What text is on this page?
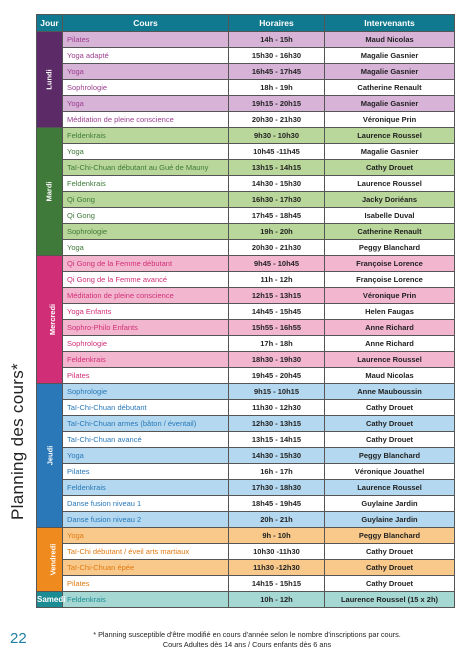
Planning des cours*
Jour	Cours	Horaires	Intervenants
Lundi	Pilates	14h - 15h	Maud Nicolas
	Yoga adapté	15h30 - 16h30	Magalie Gasnier
	Yoga	16h45 - 17h45	Magalie Gasnier
	Sophrologie	18h - 19h	Catherine Renault
	Yoga	19h15 - 20h15	Magalie Gasnier
	Méditation de pleine conscience	20h30 - 21h30	Véronique Prin
Mardi	Feldenkrais	9h30 - 10h30	Laurence Roussel
	Yoga	10h45 -11h45	Magalie Gasnier
	Taï-Chi-Chuan débutant au Gué de Mauny	13h15 - 14h15	Cathy Drouet
	Feldenkrais	14h30 - 15h30	Laurence Roussel
	Qi Gong	16h30 - 17h30	Jacky Doriéans
	Qi Gong	17h45 - 18h45	Isabelle Duval
	Sophrologie	19h - 20h	Catherine Renault
	Yoga	20h30 - 21h30	Peggy Blanchard
Mercredi	Qi Gong de la Femme débutant	9h45 - 10h45	Françoise Lorence
	Qi Gong de la Femme avancé	11h - 12h	Françoise Lorence
	Méditation de pleine conscience	12h15 - 13h15	Véronique Prin
	Yoga Enfants	14h45 - 15h45	Helen Faugas
	Sophro-Philo Enfants	15h55 - 16h55	Anne Richard
	Sophrologie	17h - 18h	Anne Richard
	Feldenkrais	18h30 - 19h30	Laurence Roussel
	Pilates	19h45 - 20h45	Maud Nicolas
Jeudi	Sophrologie	9h15 - 10h15	Anne Mauboussin
	Taï-Chi-Chuan débutant	11h30 - 12h30	Cathy Drouet
	Taï-Chi-Chuan armes (bâton / éventail)	12h30 - 13h15	Cathy Drouet
	Taï-Chi-Chuan avancé	13h15 - 14h15	Cathy Drouet
	Yoga	14h30 - 15h30	Peggy Blanchard
	Pilates	16h - 17h	Véronique Jouathel
	Feldenkrais	17h30 - 18h30	Laurence Roussel
	Danse fusion niveau 1	18h45 - 19h45	Guylaine Jardin
	Danse fusion niveau 2	20h - 21h	Guylaine Jardin
Vendredi	Yoga	9h - 10h	Peggy Blanchard
	Taï-Chi débutant / éveil arts martiaux	10h30 -11h30	Cathy Drouet
	Taï-Chi-Chuan épée	11h30 -12h30	Cathy Drouet
	Pilates	14h15 - 15h15	Cathy Drouet
Samedi	Feldenkrais	10h - 12h	Laurence Roussel (15 x 2h)
22	* Planning susceptible d'être modifié en cours d'année selon le nombre d'inscriptions par cours.
Cours Adultes dès 14 ans / Cours enfants dès 6 ans
